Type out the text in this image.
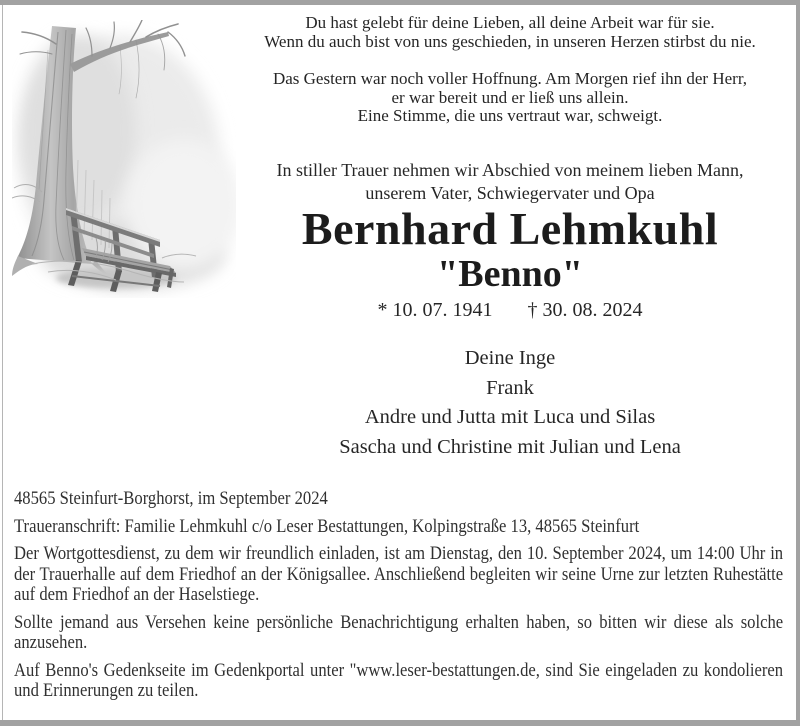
Du hast gelebt für deine Lieben, all deine Arbeit war für sie.
Wenn du auch bist von uns geschieden, in unseren Herzen stirbst du nie.
Das Gestern war noch voller Hoffnung. Am Morgen rief ihn der Herr,
er war bereit und er ließ uns allein.
Eine Stimme, die uns vertraut war, schweigt.
In stiller Trauer nehmen wir Abschied von meinem lieben Mann,
unserem Vater, Schwiegervater und Opa
Bernhard Lehmkuhl
"Benno"
* 10. 07. 1941 † 30. 08. 2024
Deine Inge
Frank
Andre und Jutta mit Luca und Silas
Sascha und Christine mit Julian und Lena

48565 Steinfurt-Borghorst, im September 2024

Traueranschrift: Familie Lehmkuhl c/o Leser Bestattungen, Kolpingstraße 13, 48565 Steinfurt

Der Wortgottesdienst, zu dem wir freundlich einladen, ist am Dienstag, den 10. September 2024, um 14:00 Uhr in der Trauerhalle auf dem Friedhof an der Königsallee. Anschließend begleiten wir seine Urne zur letzten Ruhestätte auf dem Friedhof an der Haselstiege.

Sollte jemand aus Versehen keine persönliche Benachrichtigung erhalten haben, so bitten wir diese als solche anzusehen.

Auf Benno's Gedenkseite im Gedenkportal unter "www.leser-bestattungen.de, sind Sie eingeladen zu kondolieren und Erinnerungen zu teilen.
